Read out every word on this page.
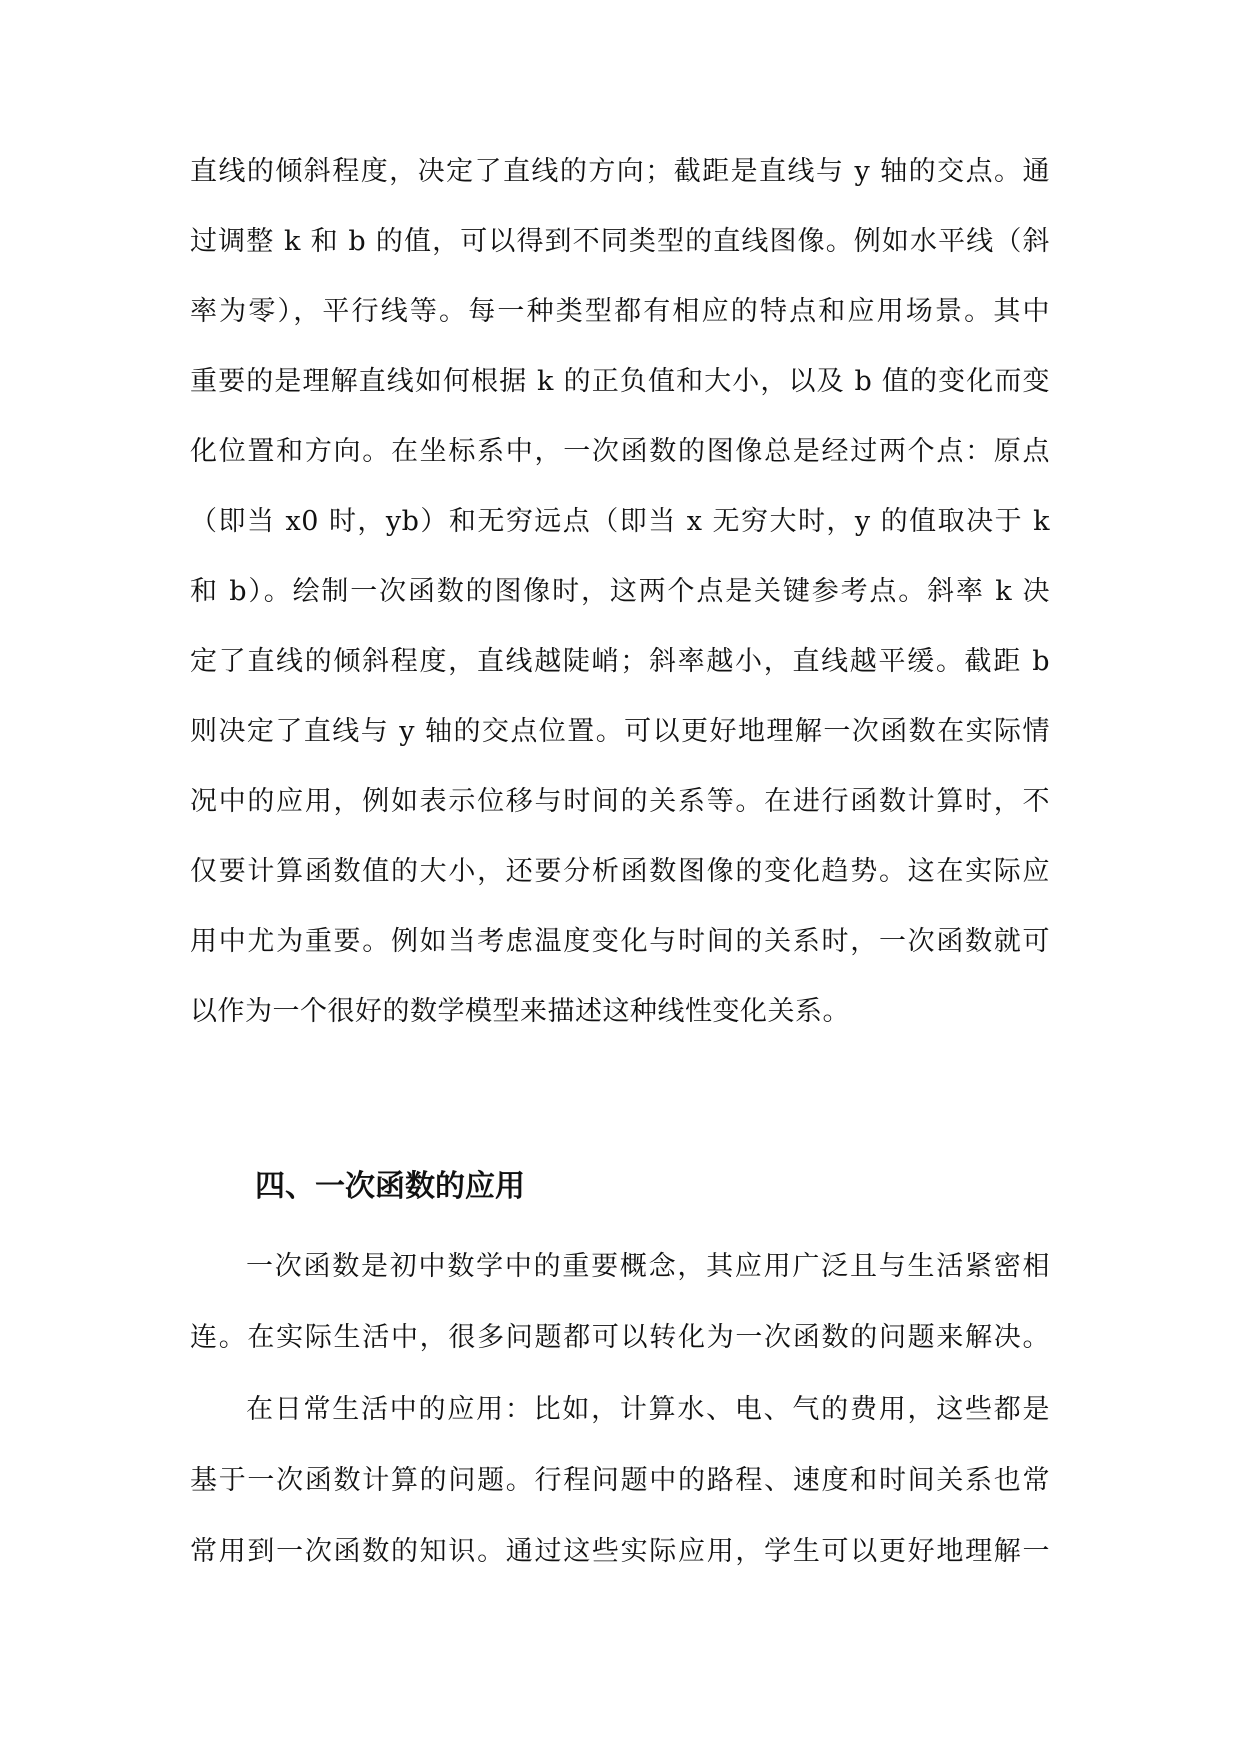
直线的倾斜程度，决定了直线的方向；截距是直线与 y 轴的交点。通
过调整 k 和 b 的值，可以得到不同类型的直线图像。例如水平线（斜
率为零），平行线等。每一种类型都有相应的特点和应用场景。其中
重要的是理解直线如何根据 k 的正负值和大小，以及 b 值的变化而变
化位置和方向。在坐标系中，一次函数的图像总是经过两个点：原点
（即当 x0 时，yb）和无穷远点（即当 x 无穷大时，y 的值取决于 k
和 b）。绘制一次函数的图像时，这两个点是关键参考点。斜率 k 决
定了直线的倾斜程度，直线越陡峭；斜率越小，直线越平缓。截距 b
则决定了直线与 y 轴的交点位置。可以更好地理解一次函数在实际情
况中的应用，例如表示位移与时间的关系等。在进行函数计算时，不
仅要计算函数值的大小，还要分析函数图像的变化趋势。这在实际应
用中尤为重要。例如当考虑温度变化与时间的关系时，一次函数就可
以作为一个很好的数学模型来描述这种线性变化关系。
四、一次函数的应用
一次函数是初中数学中的重要概念，其应用广泛且与生活紧密相
连。在实际生活中，很多问题都可以转化为一次函数的问题来解决。
在日常生活中的应用：比如，计算水、电、气的费用，这些都是
基于一次函数计算的问题。行程问题中的路程、速度和时间关系也常
常用到一次函数的知识。通过这些实际应用，学生可以更好地理解一
